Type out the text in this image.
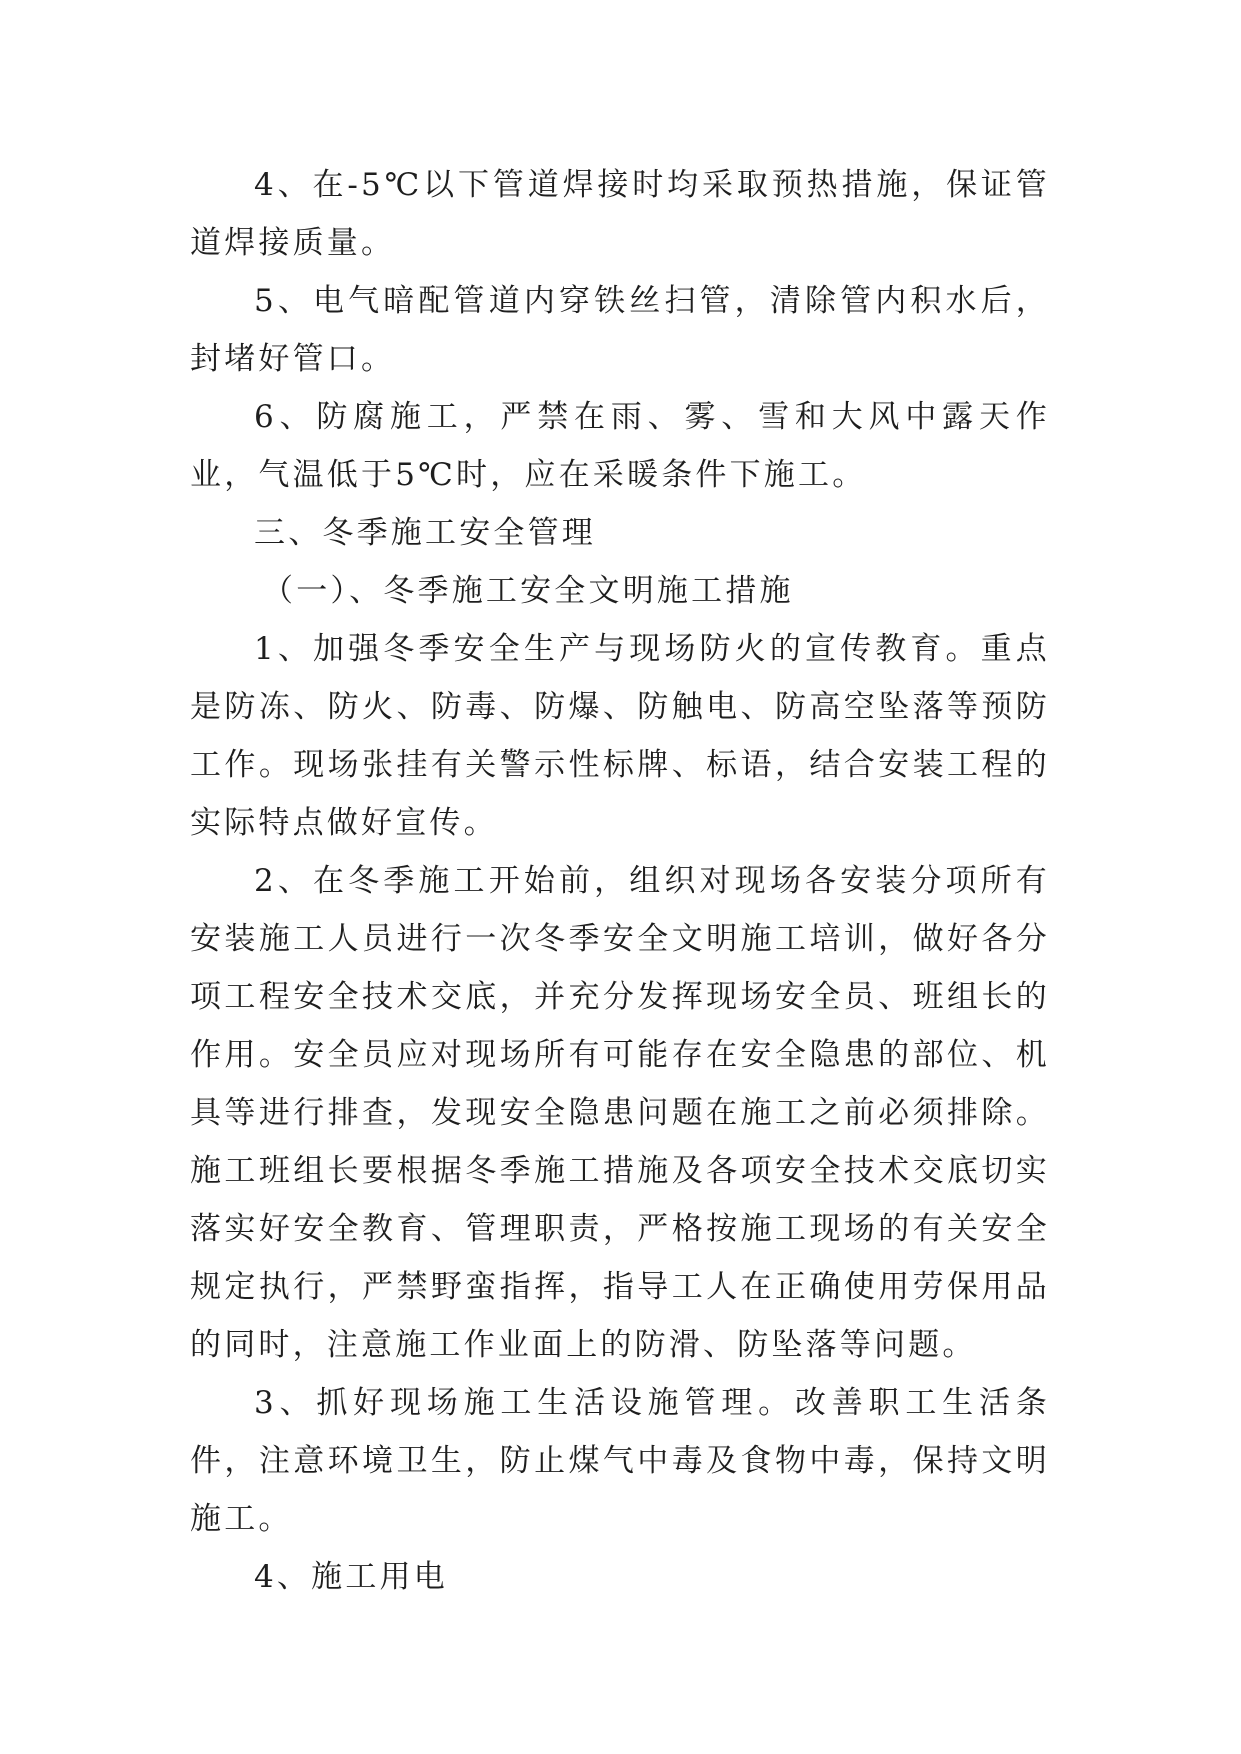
4、在-5℃以下管道焊接时均采取预热措施，保证管道焊接质量。

5、电气暗配管道内穿铁丝扫管，清除管内积水后，封堵好管口。

6、防腐施工，严禁在雨、雾、雪和大风中露天作业，气温低于5℃时，应在采暖条件下施工。

三、冬季施工安全管理

（一）、冬季施工安全文明施工措施

1、加强冬季安全生产与现场防火的宣传教育。重点是防冻、防火、防毒、防爆、防触电、防高空坠落等预防工作。现场张挂有关警示性标牌、标语，结合安装工程的实际特点做好宣传。

2、在冬季施工开始前，组织对现场各安装分项所有安装施工人员进行一次冬季安全文明施工培训，做好各分项工程安全技术交底，并充分发挥现场安全员、班组长的作用。安全员应对现场所有可能存在安全隐患的部位、机具等进行排查，发现安全隐患问题在施工之前必须排除。施工班组长要根据冬季施工措施及各项安全技术交底切实落实好安全教育、管理职责，严格按施工现场的有关安全规定执行，严禁野蛮指挥，指导工人在正确使用劳保用品的同时，注意施工作业面上的防滑、防坠落等问题。

3、抓好现场施工生活设施管理。改善职工生活条件，注意环境卫生，防止煤气中毒及食物中毒，保持文明施工。

4、施工用电
